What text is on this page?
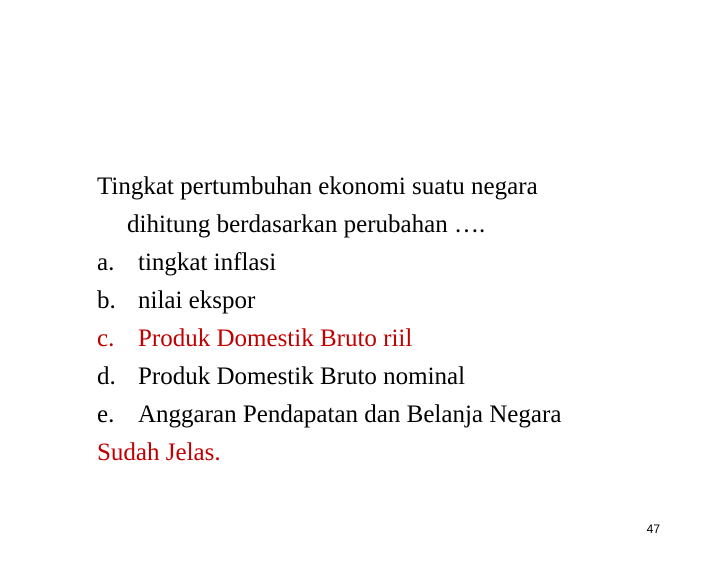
Tingkat pertumbuhan ekonomi suatu negara
dihitung berdasarkan perubahan ….
a. tingkat inflasi
b. nilai ekspor
c. Produk Domestik Bruto riil
d. Produk Domestik Bruto nominal
e. Anggaran Pendapatan dan Belanja Negara
Sudah Jelas.
47
